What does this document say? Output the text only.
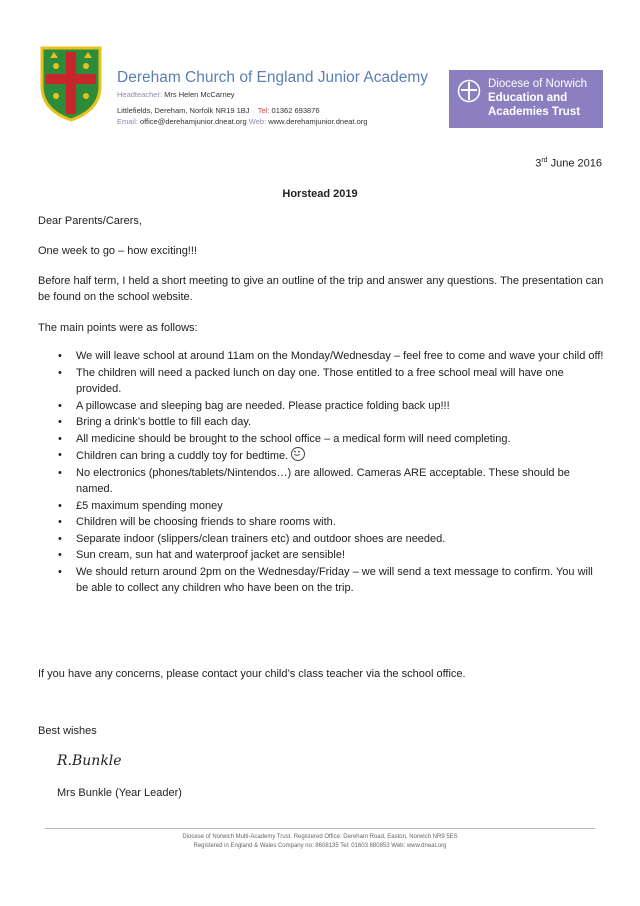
Dereham Church of England Junior Academy
Headteacher: Mrs Helen McCarney
Littlefields, Dereham, Norfolk NR19 1BJ Tel: 01362 693876
Email: office@derehamjunior.dneat.org Web: www.derehamjunior.dneat.org
Diocese of Norwich
Education and
Academies Trust
3rd June 2016
Horstead 2019
Dear Parents/Carers,
One week to go – how exciting!!!
Before half term, I held a short meeting to give an outline of the trip and answer any questions. The presentation can be found on the school website.
The main points were as follows:
• We will leave school at around 11am on the Monday/Wednesday – feel free to come and wave your child off!
• The children will need a packed lunch on day one. Those entitled to a free school meal will have one provided.
• A pillowcase and sleeping bag are needed. Please practice folding back up!!!
• Bring a drink’s bottle to fill each day.
• All medicine should be brought to the school office – a medical form will need completing.
• Children can bring a cuddly toy for bedtime.
• No electronics (phones/tablets/Nintendos…) are allowed. Cameras ARE acceptable. These should be named.
• £5 maximum spending money
• Children will be choosing friends to share rooms with.
• Separate indoor (slippers/clean trainers etc) and outdoor shoes are needed.
• Sun cream, sun hat and waterproof jacket are sensible!
• We should return around 2pm on the Wednesday/Friday – we will send a text message to confirm. You will be able to collect any children who have been on the trip.
If you have any concerns, please contact your child’s class teacher via the school office.
Best wishes
R.Bunkle
Mrs Bunkle (Year Leader)
Diocese of Norwich Multi-Academy Trust. Registered Office: Dereham Road, Easton, Norwich NR9 5ES
Registered in England & Wales Company no: 8608135 Tel: 01603 880853 Web: www.dneat.org
